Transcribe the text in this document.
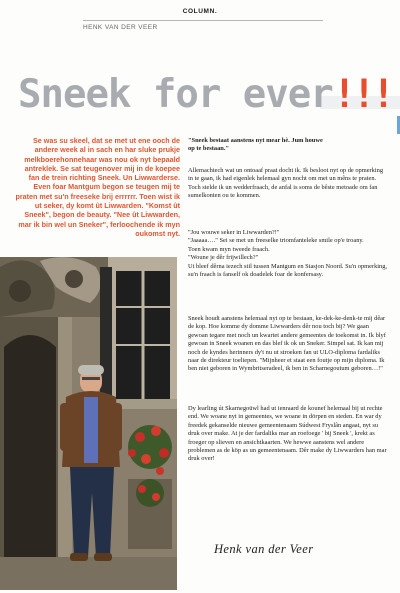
COLUMN.
HENK VAN DER VEER
Sneek for ever!!!
Se was su skeel, dat se met ut ene ooch de andere week al in sach en har sluke prukje melkboerehonnehaar was nou ok nyt bepaald antreklek. Se sat teugenover mij in de koepee fan de trein richting Sneek. Un Liwwarderse. Even foar Mantgum begon se teugen mij te praten met su'n freeseke brij errrrrr. Toen wist ik ut seker, dy komt ût Liwwarden. "Komst ût Sneek", begon de beauty. "Nee ût Liwwarden, mar ik bin wel un Sneker", ferloochende ik myn oukomst nyt.

"Sneek bestaat aanstens nyt mear hè. Jum houwe

op te bestaan."

Allemachtech wat un ontoaaf praat docht ik. Ik besloot nyt op de opmerking in te gaan, ik had eigenlek helemaal gyn nocht om met un mêns te praten. Toch stelde ik un wedderfraach, de anfal is soms de bêste metoade om fan sumelkonten ou te kommen.

"Jou wouwe seker in Liwwarden?!"

"Jaaaaa…." Sei se met un freeselke triomfanteleke smile op'e troany.

Toen kwam myn tweede fraach.

"Woune je dêr frijwillech?"

Ut bleef dêrna iezech stil tussen Mantgum en Stasjon Noord. Su'n opmerking, su'n fraach is fanself ok doadelek foar de konfersasy.

Sneek houdt aanstens helemaal nyt op te bestaan, ke-dek-ke-denk-te mij dêar de kop. Hoe komme dy domme Liwwarders dêr nou toch bij? We gaan gewoan tegare met noch un kwartet andere gemeentes de toekomst in. Ik blyf gewoan in Sneek woanen en das blef ik ok un Sneker. Simpel sat. Ik kan mij noch de kyndes herinners dy't nu ut stroeken fan ut ULO-diploma fardaliks naar de direkteur toeliepen. "Mijnheer et staat een foutje op mijn diploma. Ik ben niet geboren in Wymbritseradeel, ik ben in Scharnegoutum geboren…!"

Dy learling út Skarnegoüwl had ut ienraard de kounef helemaal bij ut rechte end. We woane nyt in gemeentes, we woane in dörpen en steden. En war dy freedek gekanselde nieuwe gemeentenaam Súdwest Fryslân angaat, nyt su druk over make. At je der fardaliks mar an roefoege ' bij Sneek ', krekt as froeger op slieven en ansichtkaarten. We hewwe aanstens wel andere problemen as de köp as un gemeentenaam. Dêr make dy Liwwarders han mar druk over!

Henk van der Veer
